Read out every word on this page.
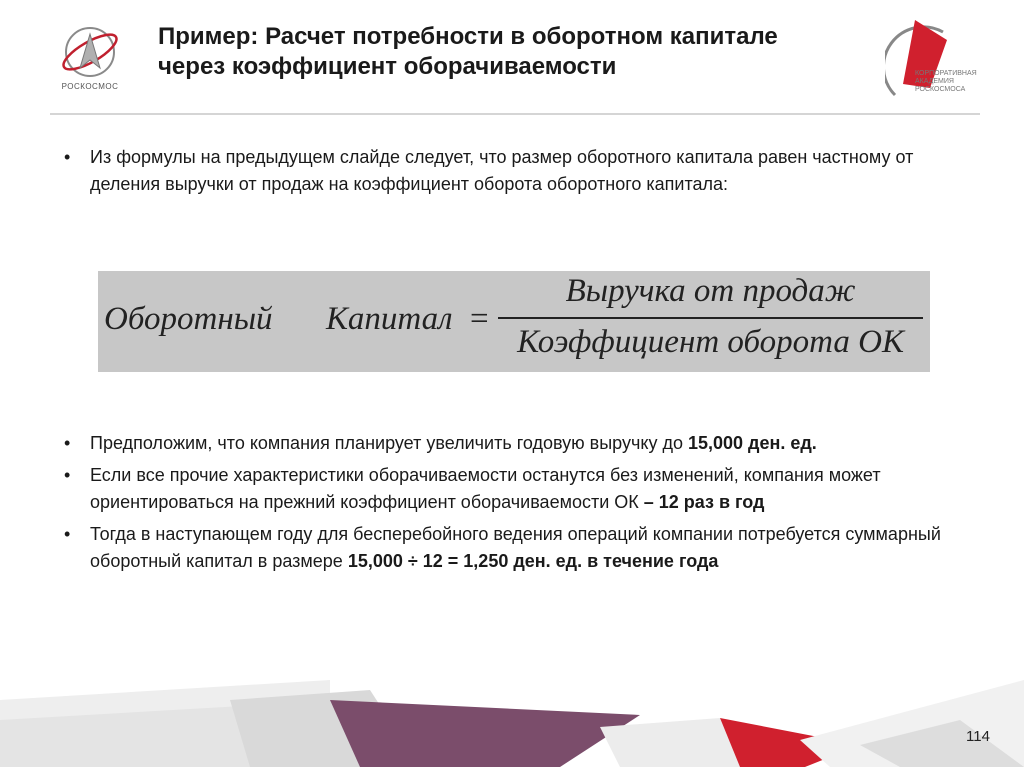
РОСКОСМОС
КОРПОРАТИВНАЯ
АКАДЕМИЯ
РОСКОСМОСА
Пример: Расчет потребности в оборотном капитале
через коэффициент оборачиваемости
• Из формулы на предыдущем слайде следует, что размер оборотного капитала равен частному от деления выручки от продаж на коэффициент оборота оборотного капитала:
Оборотный Капитал =
Выручка от продаж
Коэффициент оборота ОК
• Предположим, что компания планирует увеличить годовую выручку до 15,000 ден. ед.
• Если все прочие характеристики оборачиваемости останутся без изменений, компания может ориентироваться на прежний коэффициент оборачиваемости ОК – 12 раз в год
• Тогда в наступающем году для бесперебойного ведения операций компании потребуется суммарный оборотный капитал в размере 15,000 ÷ 12 = 1,250 ден. ед. в течение года
114
